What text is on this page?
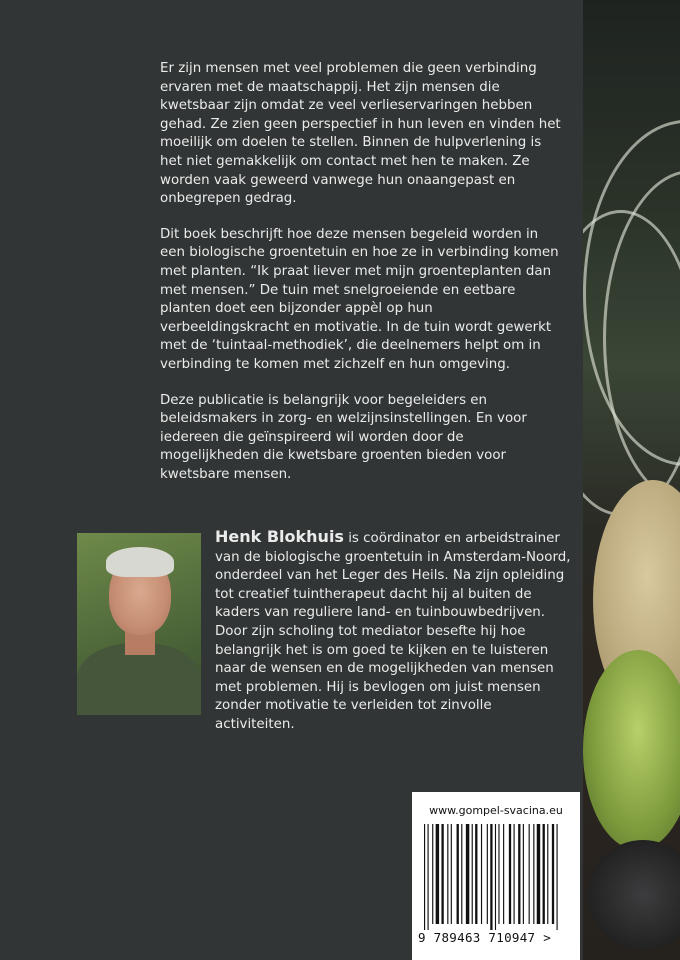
Er zijn mensen met veel problemen die geen verbinding ervaren met de maatschappij. Het zijn mensen die kwetsbaar zijn omdat ze veel verlieservaringen hebben gehad. Ze zien geen perspectief in hun leven en vinden het moeilijk om doelen te stellen. Binnen de hulpverlening is het niet gemakkelijk om contact met hen te maken. Ze worden vaak geweerd vanwege hun onaangepast en onbegrepen gedrag.

Dit boek beschrijft hoe deze mensen begeleid worden in een biologische groentetuin en hoe ze in verbinding komen met planten. “Ik praat liever met mijn groenteplanten dan met mensen.” De tuin met snelgroeiende en eetbare planten doet een bijzonder appèl op hun verbeeldingskracht en motivatie. In de tuin wordt gewerkt met de ‘tuintaal-methodiek’, die deelnemers helpt om in verbinding te komen met zichzelf en hun omgeving.

Deze publicatie is belangrijk voor begeleiders en beleidsmakers in zorg- en welzijnsinstellingen. En voor iedereen die geïnspireerd wil worden door de mogelijkheden die kwetsbare groenten bieden voor kwetsbare mensen.

Henk Blokhuis is coördinator en arbeidstrainer van de biologische groentetuin in Amsterdam-Noord, onderdeel van het Leger des Heils. Na zijn opleiding tot creatief tuintherapeut dacht hij al buiten de kaders van reguliere land- en tuinbouwbedrijven. Door zijn scholing tot mediator besefte hij hoe belangrijk het is om goed te kijken en te luisteren naar de wensen en de mogelijkheden van mensen met problemen. Hij is bevlogen om juist mensen zonder motivatie te verleiden tot zinvolle activiteiten.
www.gompel-svacina.eu
9 789463 710947 >
